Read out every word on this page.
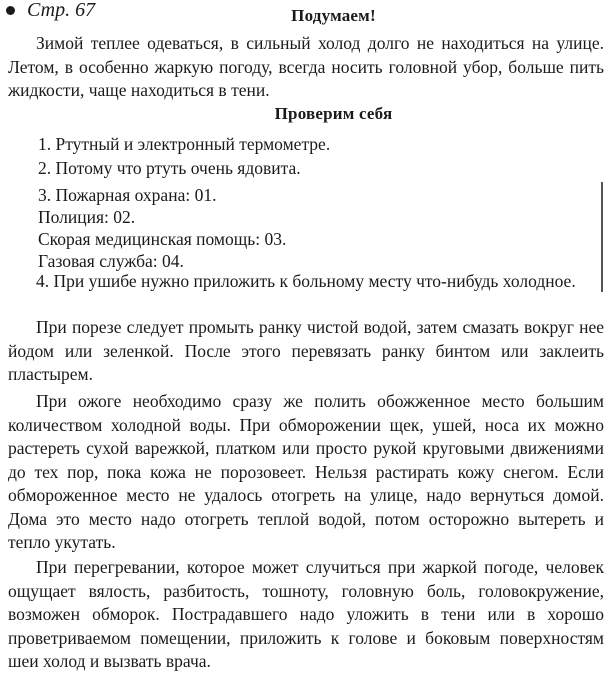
Стр. 67	Подумаем!

Зимой теплее одеваться, в сильный холод долго не находиться на улице. Летом, в особенно жаркую погоду, всегда носить головной убор, больше пить жидкости, чаще находиться в тени.

Проверим себя

1. Ртутный и электронный термометре.

2. Потому что ртуть очень ядовита.

3. Пожарная охрана: 01.

Полиция: 02.

Скорая медицинская помощь: 03.

Газовая служба: 04.

4. При ушибе нужно приложить к больному месту что-нибудь холодное.

При порезе следует промыть ранку чистой водой, затем смазать вокруг нее йодом или зеленкой. После этого перевязать ранку бинтом или заклеить пластырем.

При ожоге необходимо сразу же полить обожженное место большим количеством холодной воды. При обморожении щек, ушей, носа их можно растереть сухой варежкой, платком или просто рукой круговыми движениями до тех пор, пока кожа не порозовеет. Нельзя растирать кожу снегом. Если обмороженное место не удалось отогреть на улице, надо вернуться домой. Дома это место надо отогреть теплой водой, потом осторожно вытереть и тепло укутать.

При перегревании, которое может случиться при жаркой погоде, человек ощущает вялость, разбитость, тошноту, головную боль, головокружение, возможен обморок. Пострадавшего надо уложить в тени или в хорошо проветриваемом помещении, приложить к голове и боковым поверхностям шеи холод и вызвать врача.
